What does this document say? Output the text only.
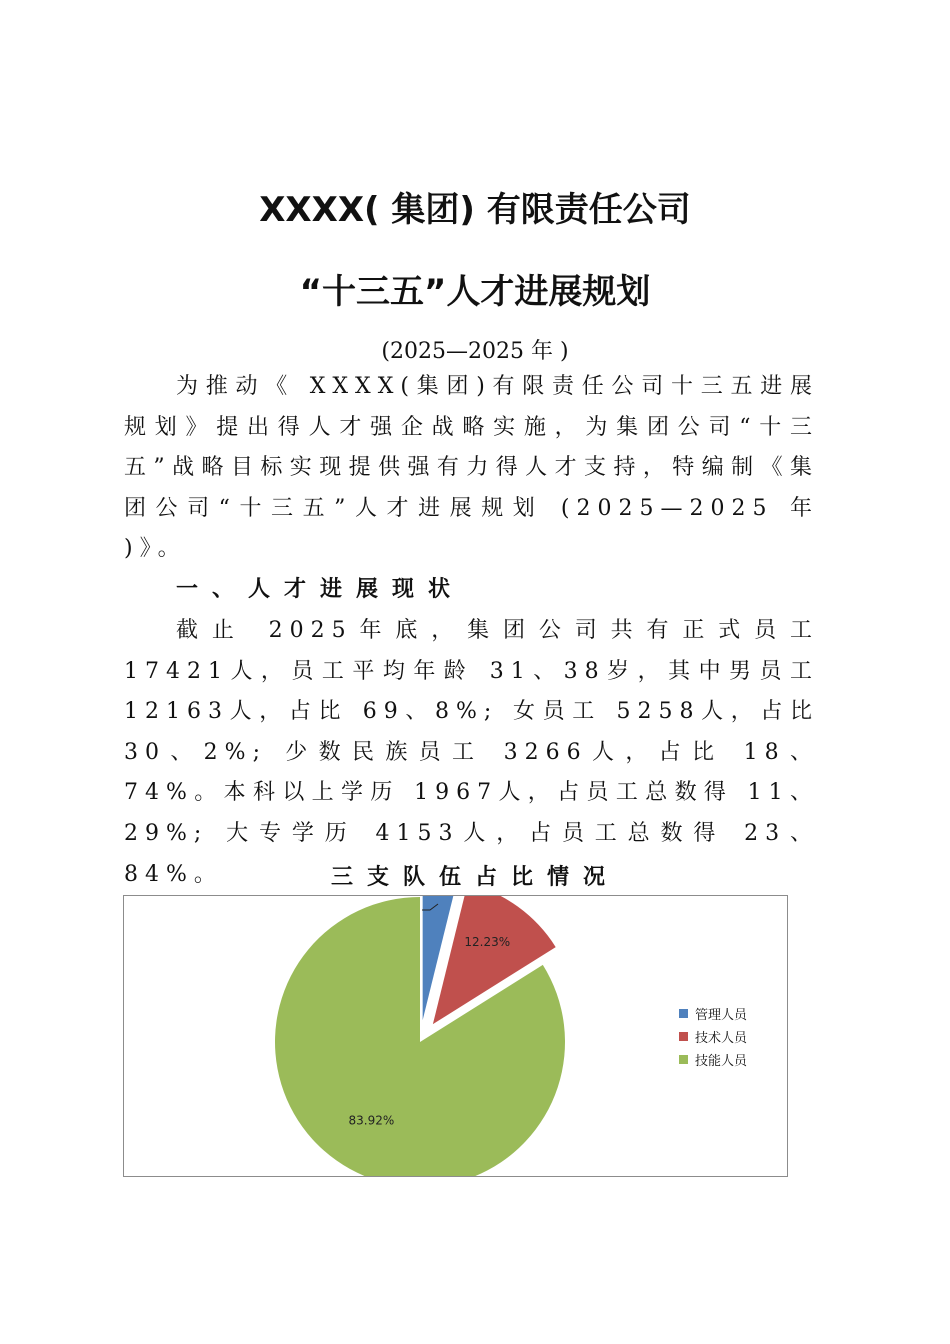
XXXX( 集团) 有限责任公司
“十三五”人才进展规划
(2025—2025 年 )

为推动《 XXXX(集团)有限责任公司十三五进展规划》提出得人才强企战略实施，为集团公司“十三五”战略目标实现提供强有力得人才支持，特编制《集团公司“十三五”人才进展规划 (2025—2025 年 )》。

一、人才进展现状

截止 2025年底，集团公司共有正式员工 17421人，员工平均年龄 31、38岁，其中男员工 12163人，占比 69、8%; 女员工 5258人，占比 30、2%; 少数民族员工 3266人，占比 18、74%。本科以上学历 1967人，占员工总数得 11、29%; 大专学历 4153人，占员工总数得 23、84%。	三支队伍占比情况
12.23%
83.92%
管理人员
技术人员
技能人员
